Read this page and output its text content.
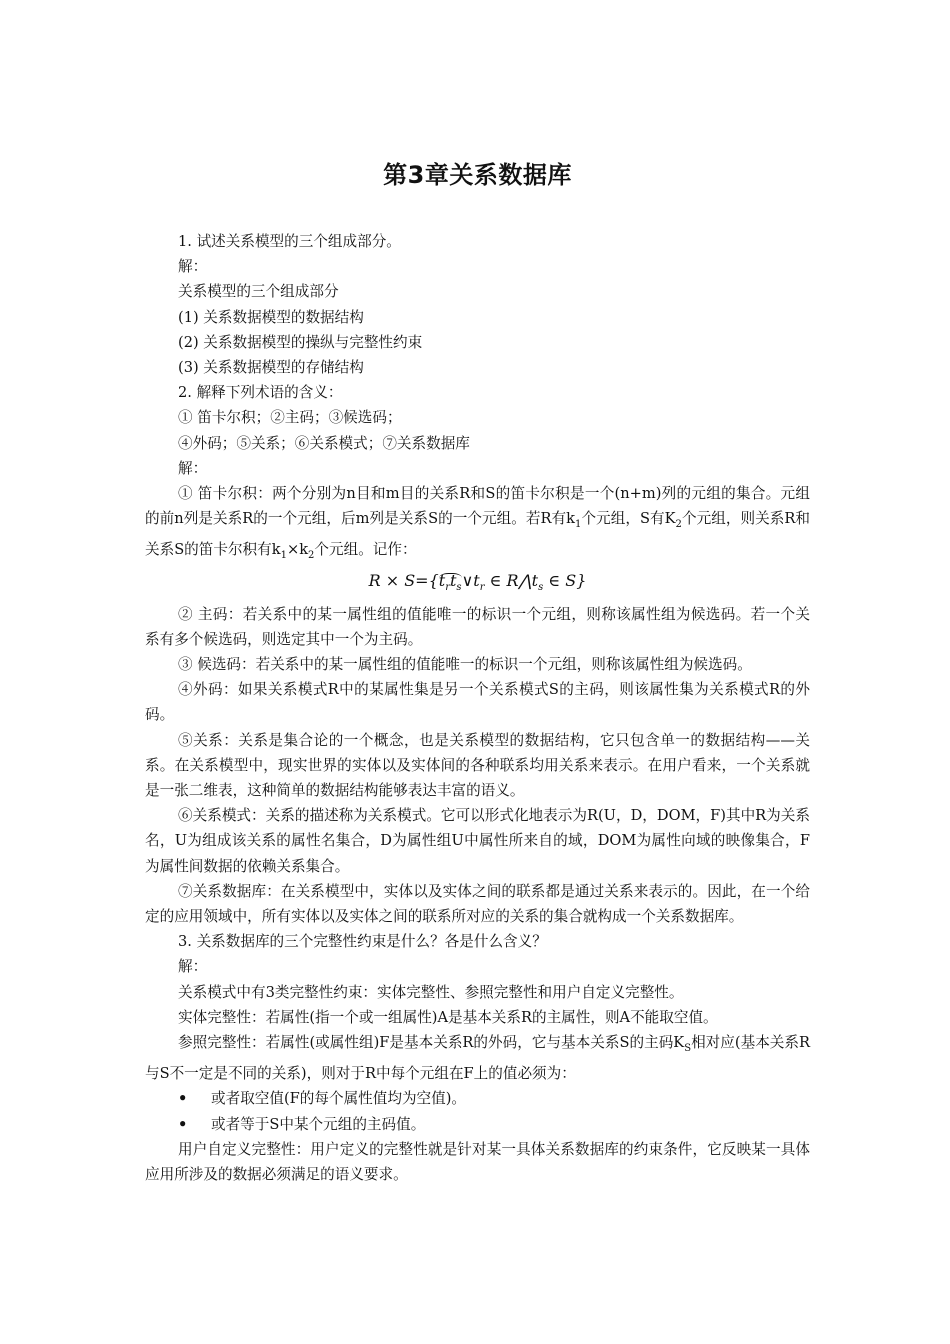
第3章关系数据库

1. 试述关系模型的三个组成部分。

解：

关系模型的三个组成部分

(1) 关系数据模型的数据结构

(2) 关系数据模型的操纵与完整性约束

(3) 关系数据模型的存储结构

2. 解释下列术语的含义：

① 笛卡尔积；②主码；③候选码；

④外码；⑤关系；⑥关系模式；⑦关系数据库

解：

① 笛卡尔积：两个分别为n目和m目的关系R和S的笛卡尔积是一个(n+m)列的元组的集合。元组的前n列是关系R的一个元组，后m列是关系S的一个元组。若R有$k_1$个元组，S有$K_2$个元组，则关系R和关系S的笛卡尔积有$k_1\times k_2$个元组。记作：

$R \times S=\{t_rt_s\vee t_r$ ∈ $R⋀t_s$ ∈ S}

② 主码：若关系中的某一属性组的值能唯一的标识一个元组，则称该属性组为候选码。若一个关系有多个候选码，则选定其中一个为主码。

③ 候选码：若关系中的某一属性组的值能唯一的标识一个元组，则称该属性组为候选码。

④外码：如果关系模式R中的某属性集是另一个关系模式S的主码，则该属性集为关系模式R的外码。

⑤关系：关系是集合论的一个概念，也是关系模型的数据结构，它只包含单一的数据结构——关系。在关系模型中，现实世界的实体以及实体间的各种联系均用关系来表示。在用户看来，一个关系就是一张二维表，这种简单的数据结构能够表达丰富的语义。

⑥关系模式：关系的描述称为关系模式。它可以形式化地表示为R(U，D，DOM，F)其中R为关系名，U为组成该关系的属性名集合，D为属性组U中属性所来自的域，DOM为属性向域的映像集合，F为属性间数据的依赖关系集合。

⑦关系数据库：在关系模型中，实体以及实体之间的联系都是通过关系来表示的。因此，在一个给定的应用领域中，所有实体以及实体之间的联系所对应的关系的集合就构成一个关系数据库。

3. 关系数据库的三个完整性约束是什么？各是什么含义？

解：

关系模式中有3类完整性约束：实体完整性、参照完整性和用户自定义完整性。

实体完整性：若属性(指一个或一组属性)A是基本关系R的主属性，则A不能取空值。

参照完整性：若属性(或属性组)F是基本关系R的外码，它与基本关系S的主码$K_S$相对应(基本关系R与S不一定是不同的关系)，则对于R中每个元组在F上的值必须为：

• 或者取空值(F的每个属性值均为空值)。

• 或者等于S中某个元组的主码值。

用户自定义完整性：用户定义的完整性就是针对某一具体关系数据库的约束条件，它反映某一具体应用所涉及的数据必须满足的语义要求。
